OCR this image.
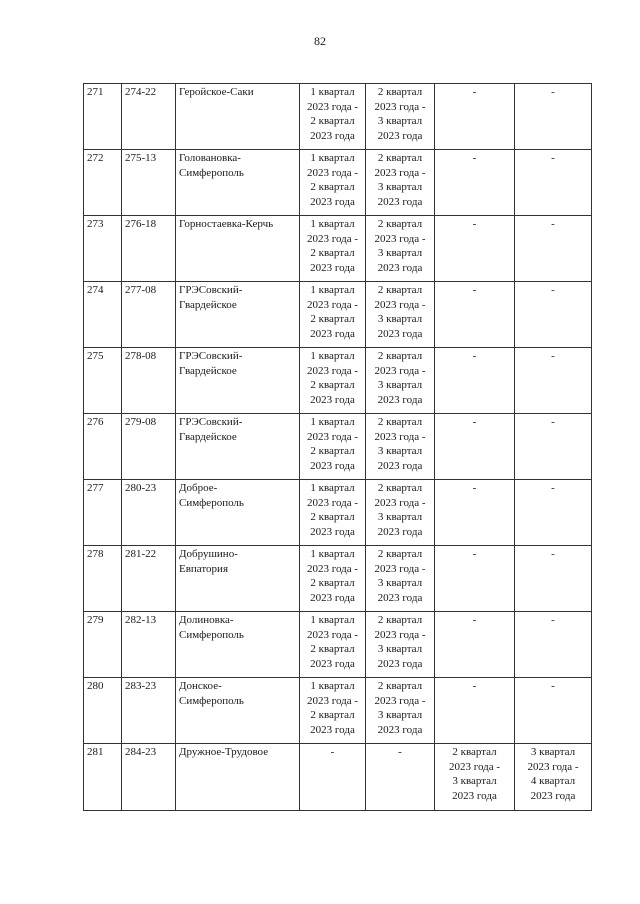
82
271	274-22	Геройское-Саки	1 квартал
2023 года -
2 квартал
2023 года	2 квартал
2023 года -
3 квартал
2023 года	-	-

272	275-13	Голованoвка-
Симферополь	1 квартал
2023 года -
2 квартал
2023 года	2 квартал
2023 года -
3 квартал
2023 года	-	-

273	276-18	Горностаевка-Керчь	1 квартал
2023 года -
2 квартал
2023 года	2 квартал
2023 года -
3 квартал
2023 года	-	-

274	277-08	ГРЭСовский-
Гвардейское	1 квартал
2023 года -
2 квартал
2023 года	2 квартал
2023 года -
3 квартал
2023 года	-	-

275	278-08	ГРЭСовский-
Гвардейское	1 квартал
2023 года -
2 квартал
2023 года	2 квартал
2023 года -
3 квартал
2023 года	-	-

276	279-08	ГРЭСовский-
Гвардейское	1 квартал
2023 года -
2 квартал
2023 года	2 квартал
2023 года -
3 квартал
2023 года	-	-

277	280-23	Доброе-
Симферополь	1 квартал
2023 года -
2 квартал
2023 года	2 квартал
2023 года -
3 квартал
2023 года	-	-

278	281-22	Добрушино-
Евпатория	1 квартал
2023 года -
2 квартал
2023 года	2 квартал
2023 года -
3 квартал
2023 года	-	-

279	282-13	Долиновка-
Симферополь	1 квартал
2023 года -
2 квартал
2023 года	2 квартал
2023 года -
3 квартал
2023 года	-	-

280	283-23	Донское-
Симферополь	1 квартал
2023 года -
2 квартал
2023 года	2 квартал
2023 года -
3 квартал
2023 года	-	-

281	284-23	Дружное-Трудовое	-	-	2 квартал
2023 года -
3 квартал
2023 года	3 квартал
2023 года -
4 квартал
2023 года
